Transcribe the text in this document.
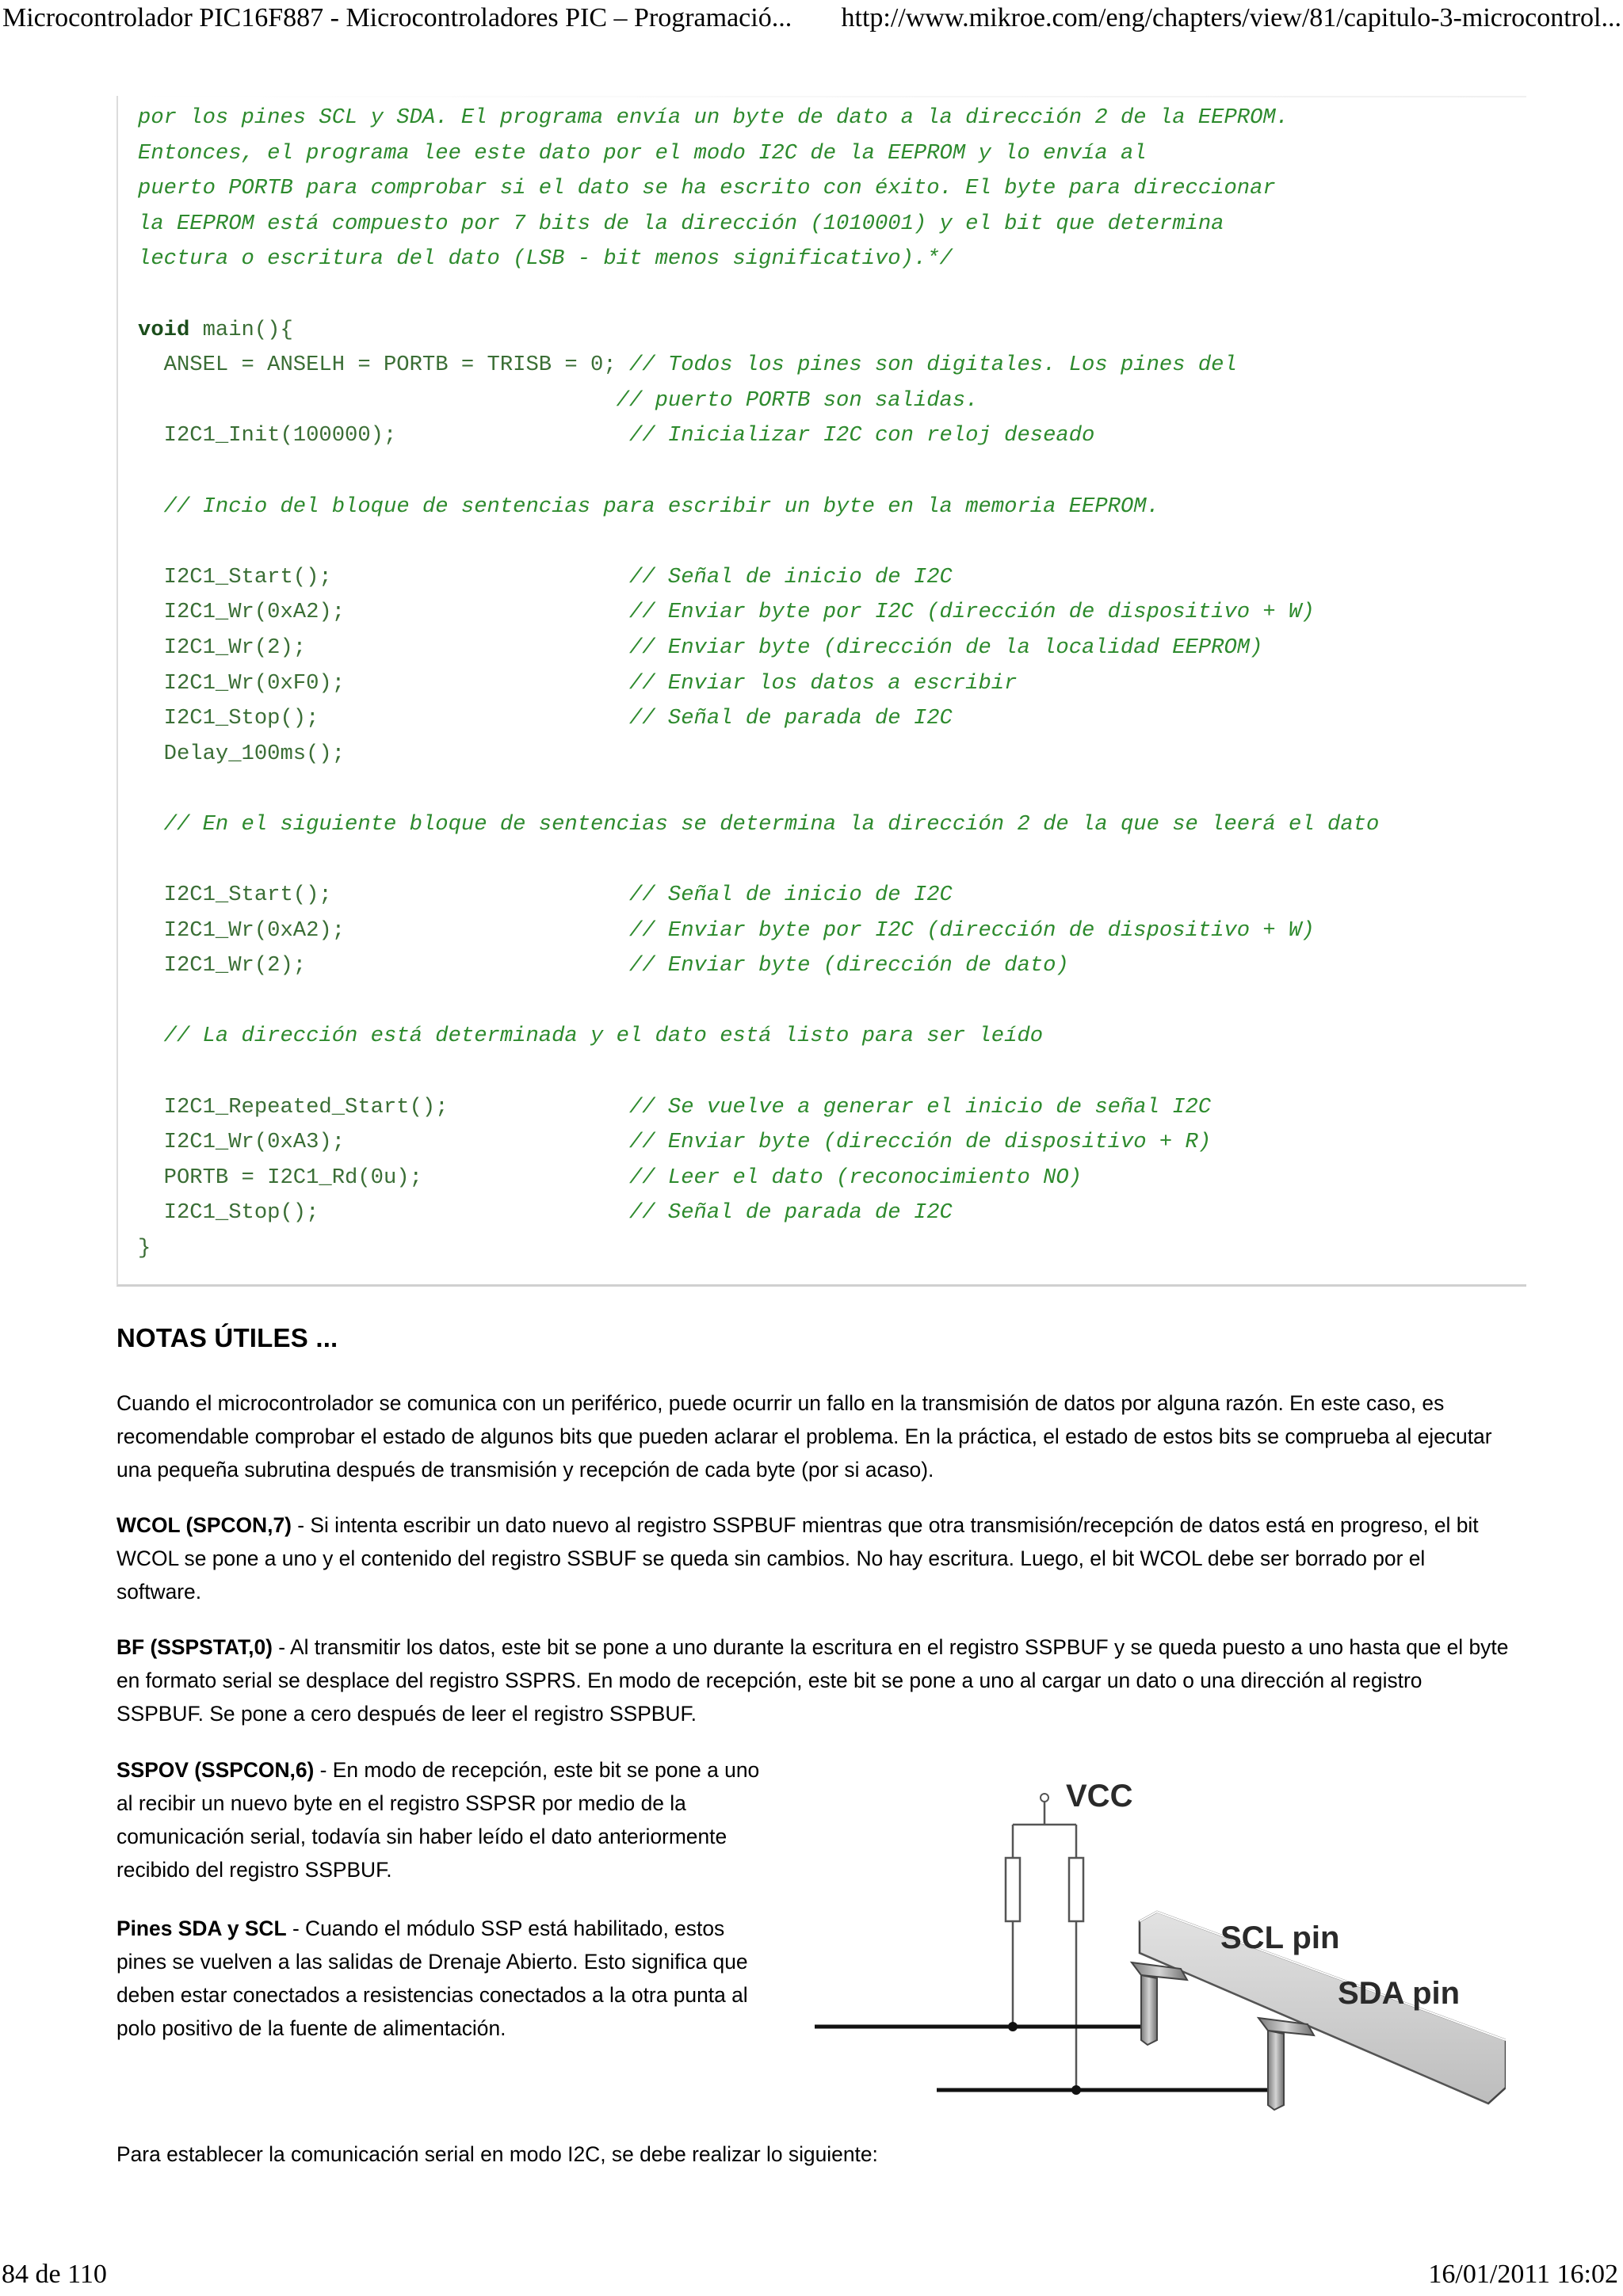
Microcontrolador PIC16F887 - Microcontroladores PIC – Programació... http://www.mikroe.com/eng/chapters/view/81/capitulo-3-microcontrol...
por los pines SCL y SDA. El programa envía un byte de dato a la dirección 2 de la EEPROM.
Entonces, el programa lee este dato por el modo I2C de la EEPROM y lo envía al
puerto PORTB para comprobar si el dato se ha escrito con éxito. El byte para direccionar
la EEPROM está compuesto por 7 bits de la dirección (1010001) y el bit que determina
lectura o escritura del dato (LSB - bit menos significativo).*/

void main(){
ANSEL = ANSELH = PORTB = TRISB = 0; // Todos los pines son digitales. Los pines del
// puerto PORTB son salidas.
I2C1_Init(100000);                  // Inicializar I2C con reloj deseado

// Incio del bloque de sentencias para escribir un byte en la memoria EEPROM.

I2C1_Start();                       // Señal de inicio de I2C
I2C1_Wr(0xA2);                      // Enviar byte por I2C (dirección de dispositivo + W)
I2C1_Wr(2);                         // Enviar byte (dirección de la localidad EEPROM)
I2C1_Wr(0xF0);                      // Enviar los datos a escribir
I2C1_Stop();                        // Señal de parada de I2C
Delay_100ms();

// En el siguiente bloque de sentencias se determina la dirección 2 de la que se leerá el dato

I2C1_Start();                       // Señal de inicio de I2C
I2C1_Wr(0xA2);                      // Enviar byte por I2C (dirección de dispositivo + W)
I2C1_Wr(2);                         // Enviar byte (dirección de dato)

// La dirección está determinada y el dato está listo para ser leído

I2C1_Repeated_Start();              // Se vuelve a generar el inicio de señal I2C
I2C1_Wr(0xA3);                      // Enviar byte (dirección de dispositivo + R)
PORTB = I2C1_Rd(0u);                // Leer el dato (reconocimiento NO)
I2C1_Stop();                        // Señal de parada de I2C
}
NOTAS ÚTILES ...
Cuando el microcontrolador se comunica con un periférico, puede ocurrir un fallo en la transmisión de datos por alguna razón. En este caso, es recomendable comprobar el estado de algunos bits que pueden aclarar el problema. En la práctica, el estado de estos bits se comprueba al ejecutar una pequeña subrutina después de transmisión y recepción de cada byte (por si acaso).
WCOL (SPCON,7) - Si intenta escribir un dato nuevo al registro SSPBUF mientras que otra transmisión/recepción de datos está en progreso, el bit WCOL se pone a uno y el contenido del registro SSBUF se queda sin cambios. No hay escritura. Luego, el bit WCOL debe ser borrado por el software.
BF (SSPSTAT,0) - Al transmitir los datos, este bit se pone a uno durante la escritura en el registro SSPBUF y se queda puesto a uno hasta que el byte en formato serial se desplace del registro SSPRS. En modo de recepción, este bit se pone a uno al cargar un dato o una dirección al registro SSPBUF. Se pone a cero después de leer el registro SSPBUF.
SSPOV (SSPCON,6) - En modo de recepción, este bit se pone a uno al recibir un nuevo byte en el registro SSPSR por medio de la comunicación serial, todavía sin haber leído el dato anteriormente recibido del registro SSPBUF.
Pines SDA y SCL - Cuando el módulo SSP está habilitado, estos pines se vuelven a las salidas de Drenaje Abierto. Esto significa que deben estar conectados a resistencias conectados a la otra punta al polo positivo de la fuente de alimentación.
VCC
SCL pin
SDA pin
Para establecer la comunicación serial en modo I2C, se debe realizar lo siguiente:
84 de 110	16/01/2011 16:02
